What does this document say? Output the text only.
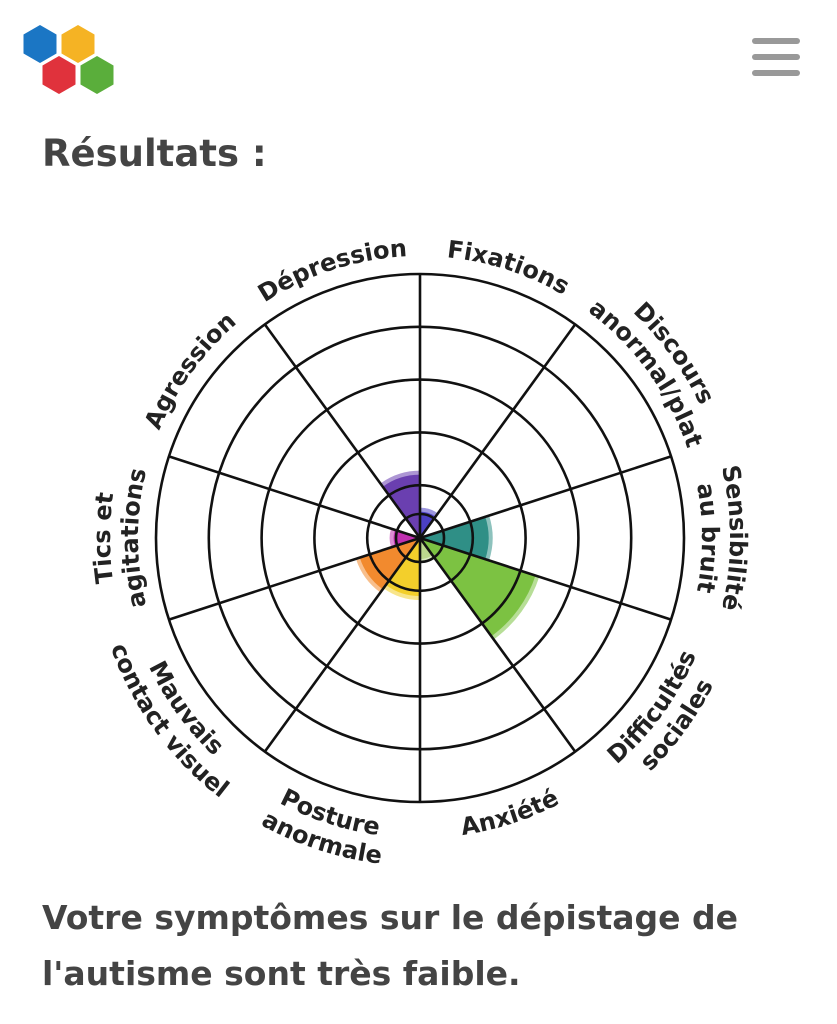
Résultats :
Fixations
Discours
anormal/plat
Sensibilité
au bruit
Difficultés
sociales
Anxiété
Posture
anormale
Mauvais
contact visuel
Tics et
agitations
Agression
Dépression

Votre symptômes sur le dépistage de l'autisme sont très faible.
